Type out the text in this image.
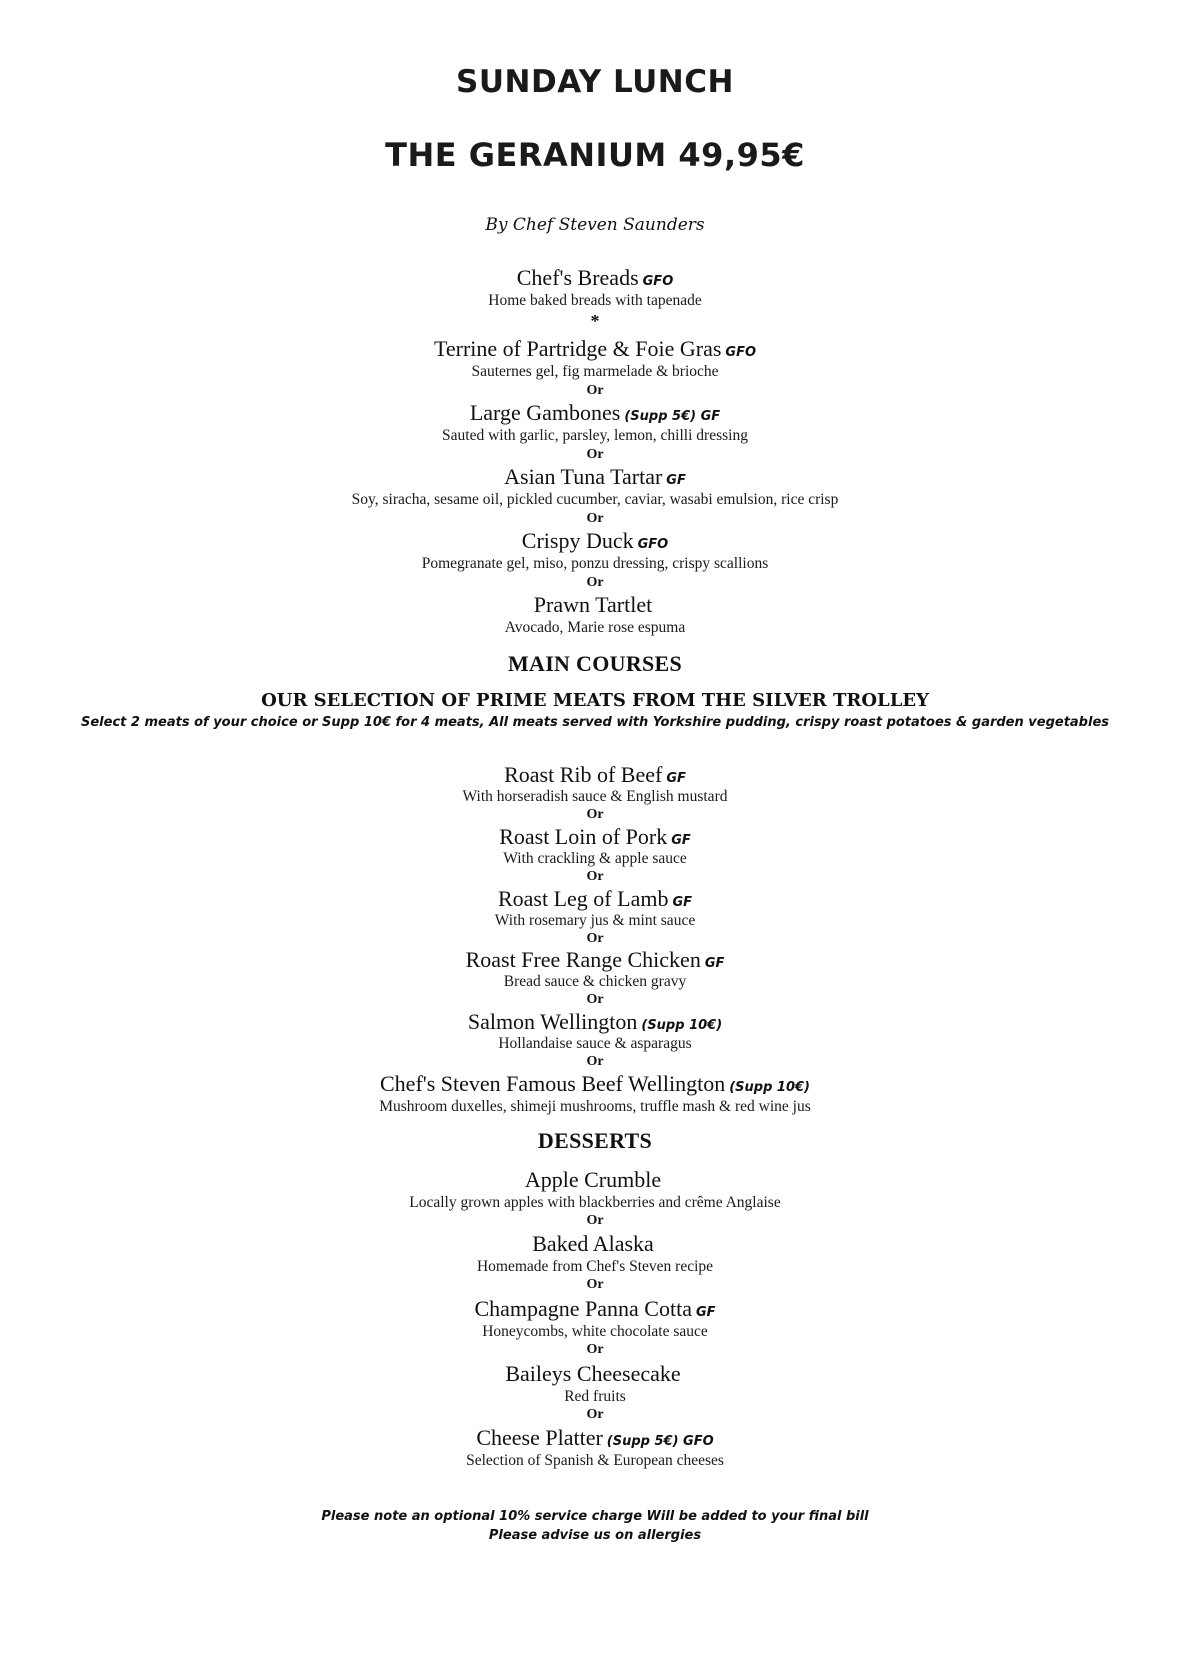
SUNDAY LUNCH
THE GERANIUM 49,95€
By Chef Steven Saunders
Chef's Breads GFO
Home baked breads with tapenade
*
Terrine of Partridge & Foie Gras GFO
Sauternes gel, fig marmelade & brioche
Or
Large Gambones (Supp 5€) GF
Sauted with garlic, parsley, lemon, chilli dressing
Or
Asian Tuna Tartar GF
Soy, siracha, sesame oil, pickled cucumber, caviar, wasabi emulsion, rice crisp
Or
Crispy Duck GFO
Pomegranate gel, miso, ponzu dressing, crispy scallions
Or
Prawn Tartlet
Avocado, Marie rose espuma
MAIN COURSES
OUR SELECTION OF PRIME MEATS FROM THE SILVER TROLLEY
Select 2 meats of your choice or Supp 10€ for 4 meats, All meats served with Yorkshire pudding, crispy roast potatoes & garden vegetables
Roast Rib of Beef GF
With horseradish sauce & English mustard
Or
Roast Loin of Pork GF
With crackling & apple sauce
Or
Roast Leg of Lamb GF
With rosemary jus & mint sauce
Or
Roast Free Range Chicken GF
Bread sauce & chicken gravy
Or
Salmon Wellington (Supp 10€)
Hollandaise sauce & asparagus
Or
Chef's Steven Famous Beef Wellington (Supp 10€)
Mushroom duxelles, shimeji mushrooms, truffle mash & red wine jus
DESSERTS
Apple Crumble
Locally grown apples with blackberries and crême Anglaise
Or
Baked Alaska
Homemade from Chef's Steven recipe
Or
Champagne Panna Cotta GF
Honeycombs, white chocolate sauce
Or
Baileys Cheesecake
Red fruits
Or
Cheese Platter (Supp 5€) GFO
Selection of Spanish & European cheeses
Please note an optional 10% service charge Will be added to your final bill
Please advise us on allergies
